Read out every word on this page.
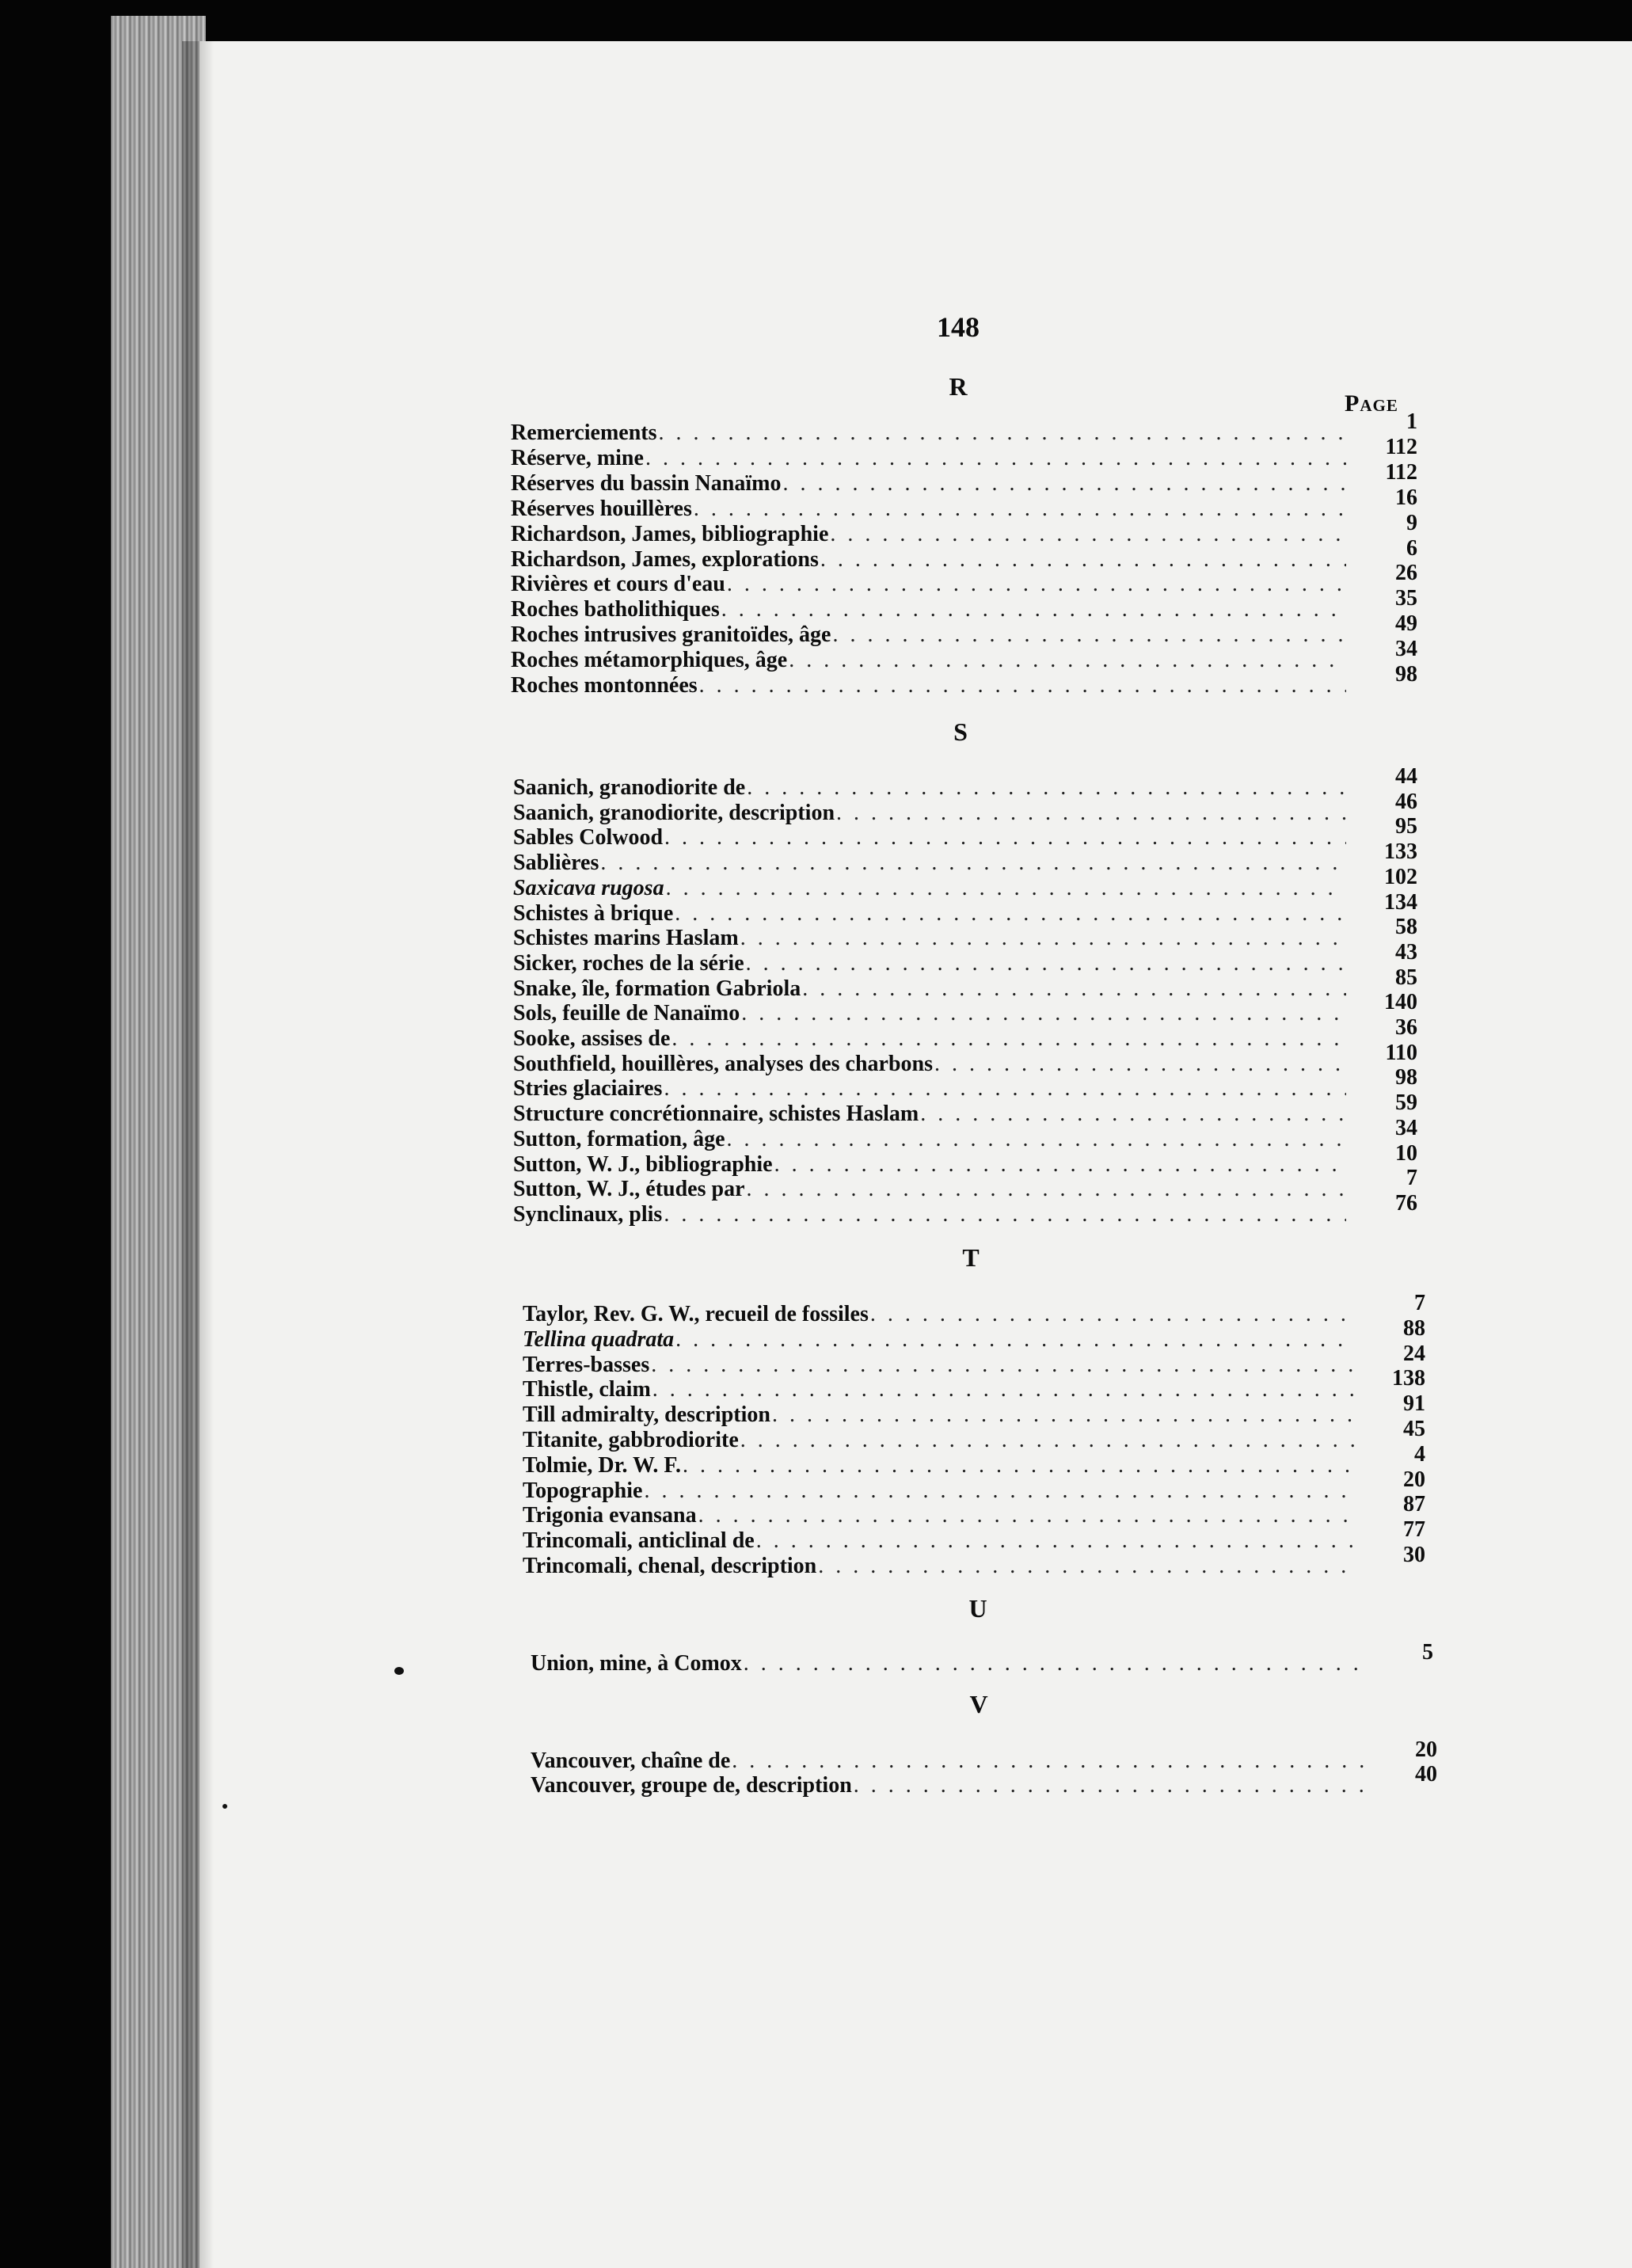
148
Page
R
Remerciements . . .	1
Réserve, mine . . .	112
Réserves du bassin Nanaïmo . . .	112
Réserves houillères . . .	16
Richardson, James, bibliographie . . .	9
Richardson, James, explorations . . .	6
Rivières et cours d'eau . . .	26
Roches batholithiques . . .	35
Roches intrusives granitoïdes, âge . . .	49
Roches métamorphiques, âge . . .	34
Roches montonnées . . .	98
S
Saanich, granodiorite de . . .	44
Saanich, granodiorite, description . . .	46
Sables Colwood . . .	95
Sablières . . .	133
Saxicava rugosa . . .	102
Schistes à brique . . .	134
Schistes marins Haslam . . .	58
Sicker, roches de la série . . .	43
Snake, île, formation Gabriola . . .	85
Sols, feuille de Nanaïmo . . .	140
Sooke, assises de . . .	36
Southfield, houillères, analyses des charbons . . .	110
Stries glaciaires . . .	98
Structure concrétionnaire, schistes Haslam . . .	59
Sutton, formation, âge . . .	34
Sutton, W. J., bibliographie . . .	10
Sutton, W. J., études par . . .	7
Synclinaux, plis . . .	76
T
Taylor, Rev. G. W., recueil de fossiles . . .	7
Tellina quadrata . . .	88
Terres-basses . . .	24
Thistle, claim . . .	138
Till admiralty, description . . .	91
Titanite, gabbrodiorite . . .	45
Tolmie, Dr. W. F. . . .	4
Topographie . . .	20
Trigonia evansana . . .	87
Trincomali, anticlinal de . . .	77
Trincomali, chenal, description . . .	30
U
Union, mine, à Comox . . .	5
V
Vancouver, chaîne de . . .	20
Vancouver, groupe de, description . . .	40
